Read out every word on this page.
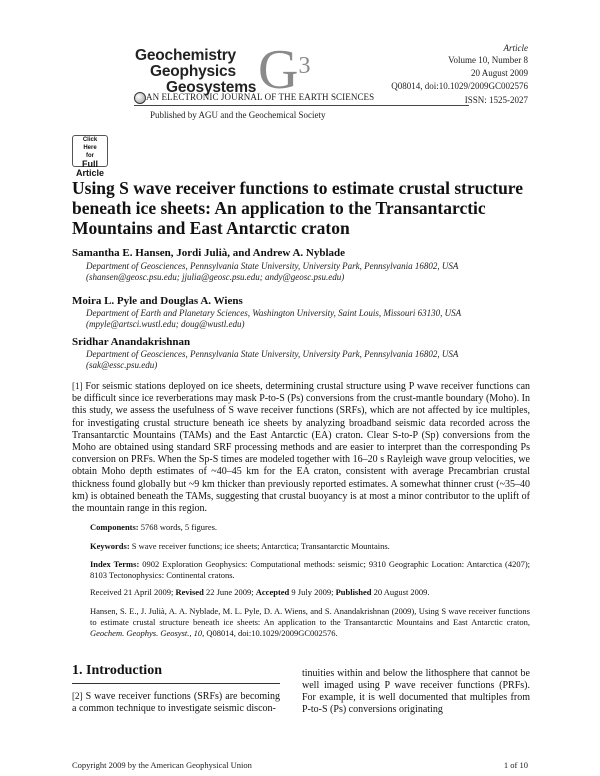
Geochemistry
Geophysics
Geosystems $G^3$
AN ELECTRONIC JOURNAL OF THE EARTH SCIENCES
Published by AGU and the Geochemical Society
Article
Volume 10, Number 8
20 August 2009
Q08014, doi:10.1029/2009GC002576
ISSN: 1525-2027
Click
Here
for
Full
Article
Using S wave receiver functions to estimate crustal structure beneath ice sheets: An application to the Transantarctic Mountains and East Antarctic craton
Samantha E. Hansen, Jordi Julià, and Andrew A. Nyblade
Department of Geosciences, Pennsylvania State University, University Park, Pennsylvania 16802, USA
(shansen@geosc.psu.edu; jjulia@geosc.psu.edu; andy@geosc.psu.edu)
Moira L. Pyle and Douglas A. Wiens
Department of Earth and Planetary Sciences, Washington University, Saint Louis, Missouri 63130, USA
(mpyle@artsci.wustl.edu; doug@wustl.edu)
Sridhar Anandakrishnan
Department of Geosciences, Pennsylvania State University, University Park, Pennsylvania 16802, USA
(sak@essc.psu.edu)
[1] For seismic stations deployed on ice sheets, determining crustal structure using P wave receiver functions can be difficult since ice reverberations may mask P-to-S (Ps) conversions from the crust-mantle boundary (Moho). In this study, we assess the usefulness of S wave receiver functions (SRFs), which are not affected by ice multiples, for investigating crustal structure beneath ice sheets by analyzing broadband seismic data recorded across the Transantarctic Mountains (TAMs) and the East Antarctic (EA) craton. Clear S-to-P (Sp) conversions from the Moho are obtained using standard SRF processing methods and are easier to interpret than the corresponding Ps conversion on PRFs. When the Sp-S times are modeled together with 16–20 s Rayleigh wave group velocities, we obtain Moho depth estimates of ~40–45 km for the EA craton, consistent with average Precambrian crustal thickness found globally but ~9 km thicker than previously reported estimates. A somewhat thinner crust (~35–40 km) is obtained beneath the TAMs, suggesting that crustal buoyancy is at most a minor contributor to the uplift of the mountain range in this region.
Components: 5768 words, 5 figures.
Keywords: S wave receiver functions; ice sheets; Antarctica; Transantarctic Mountains.
Index Terms: 0902 Exploration Geophysics: Computational methods: seismic; 9310 Geographic Location: Antarctica (4207); 8103 Tectonophysics: Continental cratons.
Received 21 April 2009; Revised 22 June 2009; Accepted 9 July 2009; Published 20 August 2009.
Hansen, S. E., J. Julià, A. A. Nyblade, M. L. Pyle, D. A. Wiens, and S. Anandakrishnan (2009), Using S wave receiver functions to estimate crustal structure beneath ice sheets: An application to the Transantarctic Mountains and East Antarctic craton, Geochem. Geophys. Geosyst., 10, Q08014, doi:10.1029/2009GC002576.
1. Introduction
[2] S wave receiver functions (SRFs) are becoming a common technique to investigate seismic discon-
tinuities within and below the lithosphere that cannot be well imaged using P wave receiver functions (PRFs). For example, it is well documented that multiples from P-to-S (Ps) conversions originating
Copyright 2009 by the American Geophysical Union	1 of 10
